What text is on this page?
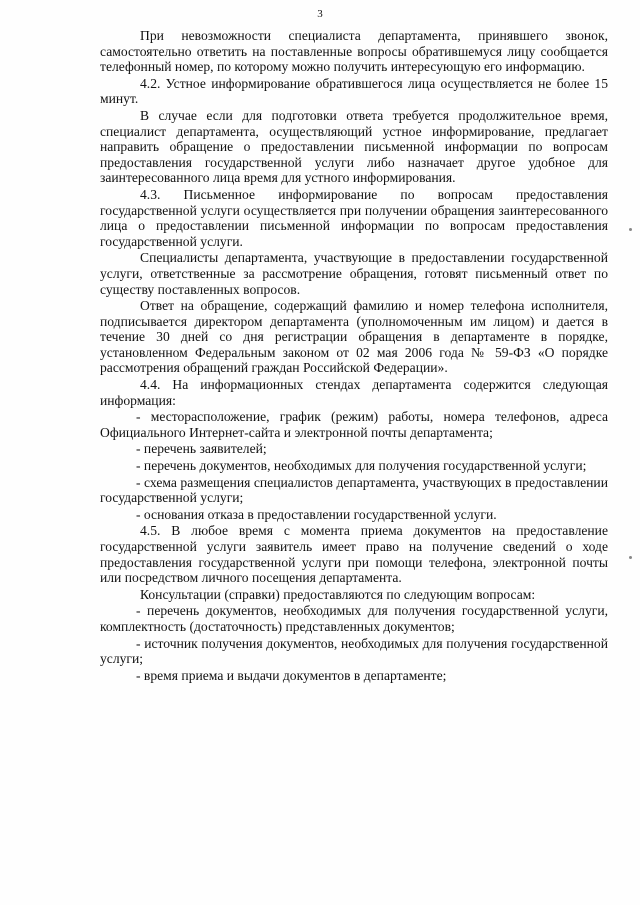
3

При невозможности специалиста департамента, принявшего звонок, самостоятельно ответить на поставленные вопросы обратившемуся лицу сообщается телефонный номер, по которому можно получить интересующую его информацию.

4.2. Устное информирование обратившегося лица осуществляется не более 15 минут.

В случае если для подготовки ответа требуется продолжительное время, специалист департамента, осуществляющий устное информирование, предлагает направить обращение о предоставлении письменной информации по вопросам предоставления государственной услуги либо назначает другое удобное для заинтересованного лица время для устного информирования.

4.3. Письменное информирование по вопросам предоставления государственной услуги осуществляется при получении обращения заинтересованного лица о предоставлении письменной информации по вопросам предоставления государственной услуги.

Специалисты департамента, участвующие в предоставлении государственной услуги, ответственные за рассмотрение обращения, готовят письменный ответ по существу поставленных вопросов.

Ответ на обращение, содержащий фамилию и номер телефона исполнителя, подписывается директором департамента (уполномоченным им лицом) и дается в течение 30 дней со дня регистрации обращения в департаменте в порядке, установленном Федеральным законом от 02 мая 2006 года № 59-ФЗ «О порядке рассмотрения обращений граждан Российской Федерации».

4.4. На информационных стендах департамента содержится следующая информация:

- месторасположение, график (режим) работы, номера телефонов, адреса Официального Интернет-сайта и электронной почты департамента;

- перечень заявителей;

- перечень документов, необходимых для получения государственной услуги;

- схема размещения специалистов департамента, участвующих в предоставлении государственной услуги;

- основания отказа в предоставлении государственной услуги.

4.5. В любое время с момента приема документов на предоставление государственной услуги заявитель имеет право на получение сведений о ходе предоставления государственной услуги при помощи телефона, электронной почты или посредством личного посещения департамента.

Консультации (справки) предоставляются по следующим вопросам:

- перечень документов, необходимых для получения государственной услуги, комплектность (достаточность) представленных документов;

- источник получения документов, необходимых для получения государственной услуги;

- время приема и выдачи документов в департаменте;
